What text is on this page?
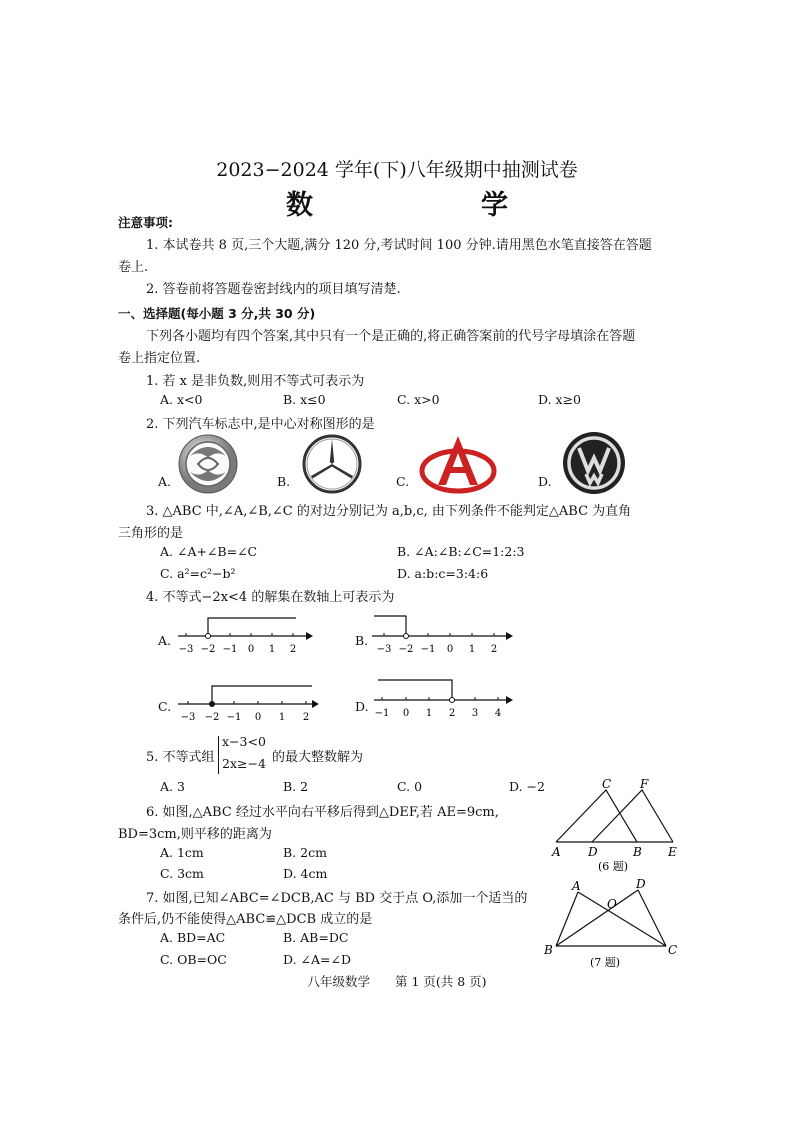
2023−2024 学年(下)八年级期中抽测试卷
数　　学
注意事项:
1. 本试卷共 8 页,三个大题,满分 120 分,考试时间 100 分钟.请用黑色水笔直接答在答题
卷上.
2. 答卷前将答题卷密封线内的项目填写清楚.
一、选择题(每小题 3 分,共 30 分)
下列各小题均有四个答案,其中只有一个是正确的,将正确答案前的代号字母填涂在答题
卷上指定位置.
1. 若 x 是非负数,则用不等式可表示为
A. x<0	B. x≤0	C. x>0	D. x≥0
2. 下列汽车标志中,是中心对称图形的是
A.	B.	C.	D.
3. △ABC 中,∠A,∠B,∠C 的对边分别记为 a,b,c, 由下列条件不能判定△ABC 为直角
三角形的是
A. ∠A+∠B=∠C	B. ∠A:∠B:∠C=1:2:3
C. a²=c²−b²	D. a:b:c=3:4:6
4. 不等式−2x<4 的解集在数轴上可表示为
A.	B.
C.	D.
−3 −2 −1 0 1 2	−3 −2 −1 0 1 2
−3 −2 −1 0 1 2	−1 0 1 2 3 4
5. 不等式组
x−3<0
2x≥−4 的最大整数解为
A. 3	B. 2	C. 0	D. −2
6. 如图,△ABC 经过水平向右平移后得到△DEF,若 AE=9cm,
BD=3cm,则平移的距离为
A. 1cm	B. 2cm
C. 3cm	D. 4cm
C F
A D	B E
(6 题)
7. 如图,已知∠ABC=∠DCB,AC 与 BD 交于点 O,添加一个适当的
条件后,仍不能使得△ABC≌△DCB 成立的是
A. BD=AC	B. AB=DC
C. OB=OC	D. ∠A=∠D
A	D
O
B	C
(7 题)
八年级数学　　第 1 页(共 8 页)
